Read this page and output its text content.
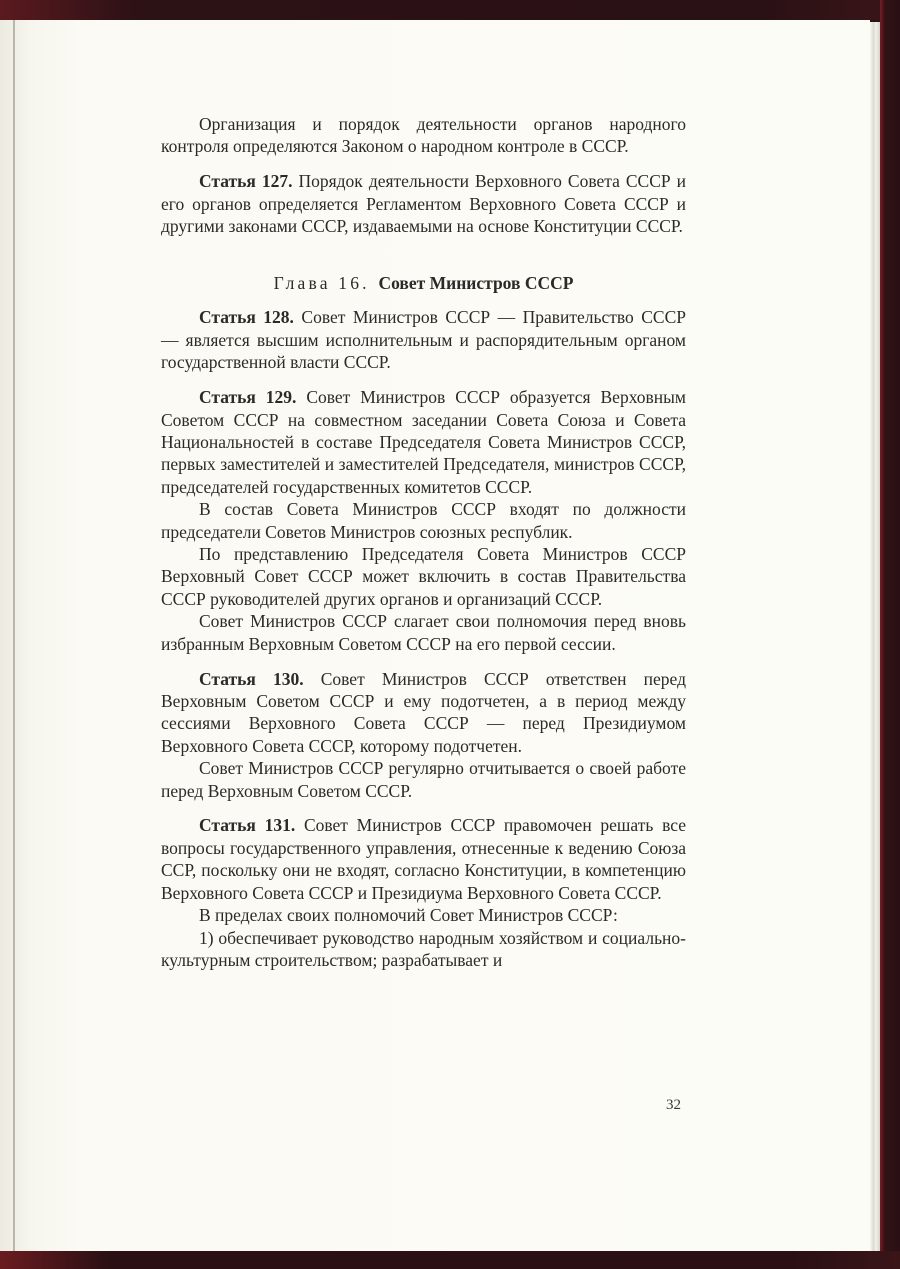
Организация и порядок деятельности органов народного контроля определяются Законом о народном контроле в СССР.

Статья 127. Порядок деятельности Верховного Совета СССР и его органов определяется Регламентом Верховного Совета СССР и другими законами СССР, издаваемыми на основе Конституции СССР.

Глава 16. Совет Министров СССР

Статья 128. Совет Министров СССР — Правительство СССР — является высшим исполнительным и распорядительным органом государственной власти СССР.

Статья 129. Совет Министров СССР образуется Верховным Советом СССР на совместном заседании Совета Союза и Совета Национальностей в составе Председателя Совета Министров СССР, первых заместителей и заместителей Председателя, министров СССР, председателей государственных комитетов СССР.

В состав Совета Министров СССР входят по должности председатели Советов Министров союзных республик.

По представлению Председателя Совета Министров СССР Верховный Совет СССР может включить в состав Правительства СССР руководителей других органов и организаций СССР.

Совет Министров СССР слагает свои полномочия перед вновь избранным Верховным Советом СССР на его первой сессии.

Статья 130. Совет Министров СССР ответствен перед Верховным Советом СССР и ему подотчетен, а в период между сессиями Верховного Совета СССР — перед Президиумом Верховного Совета СССР, которому подотчетен.

Совет Министров СССР регулярно отчитывается о своей работе перед Верховным Советом СССР.

Статья 131. Совет Министров СССР правомочен решать все вопросы государственного управления, отнесенные к ведению Союза ССР, поскольку они не входят, согласно Конституции, в компетенцию Верховного Совета СССР и Президиума Верховного Совета СССР.

В пределах своих полномочий Совет Министров СССР:

1) обеспечивает руководство народным хозяйством и социально-культурным строительством; разрабатывает и

32
